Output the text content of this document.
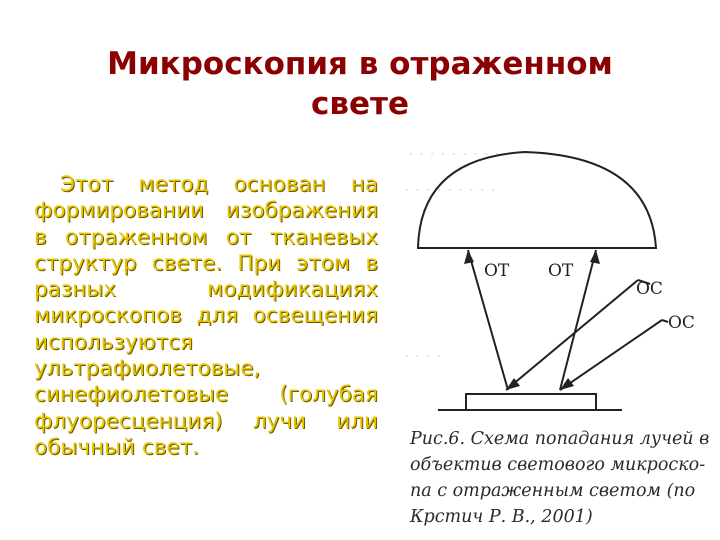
Микроскопия в отраженном
свете
Этот метод основан на формировании изображения в отраженном от тканевых структур свете. При этом в разных модификациях микроскопов для освещения используются ультрафиолетовые, синефиолетовые (голубая флуоресценция) лучи или обычный свет.
. . . . . . . . .
. . . . . . . . .
. . . .
ОТ ОТ
ОС
ОС
Рис.6. Схема попадания лучей в
объектив светового микроско-
па с отраженным светом (по
Крстич Р. В., 2001)
